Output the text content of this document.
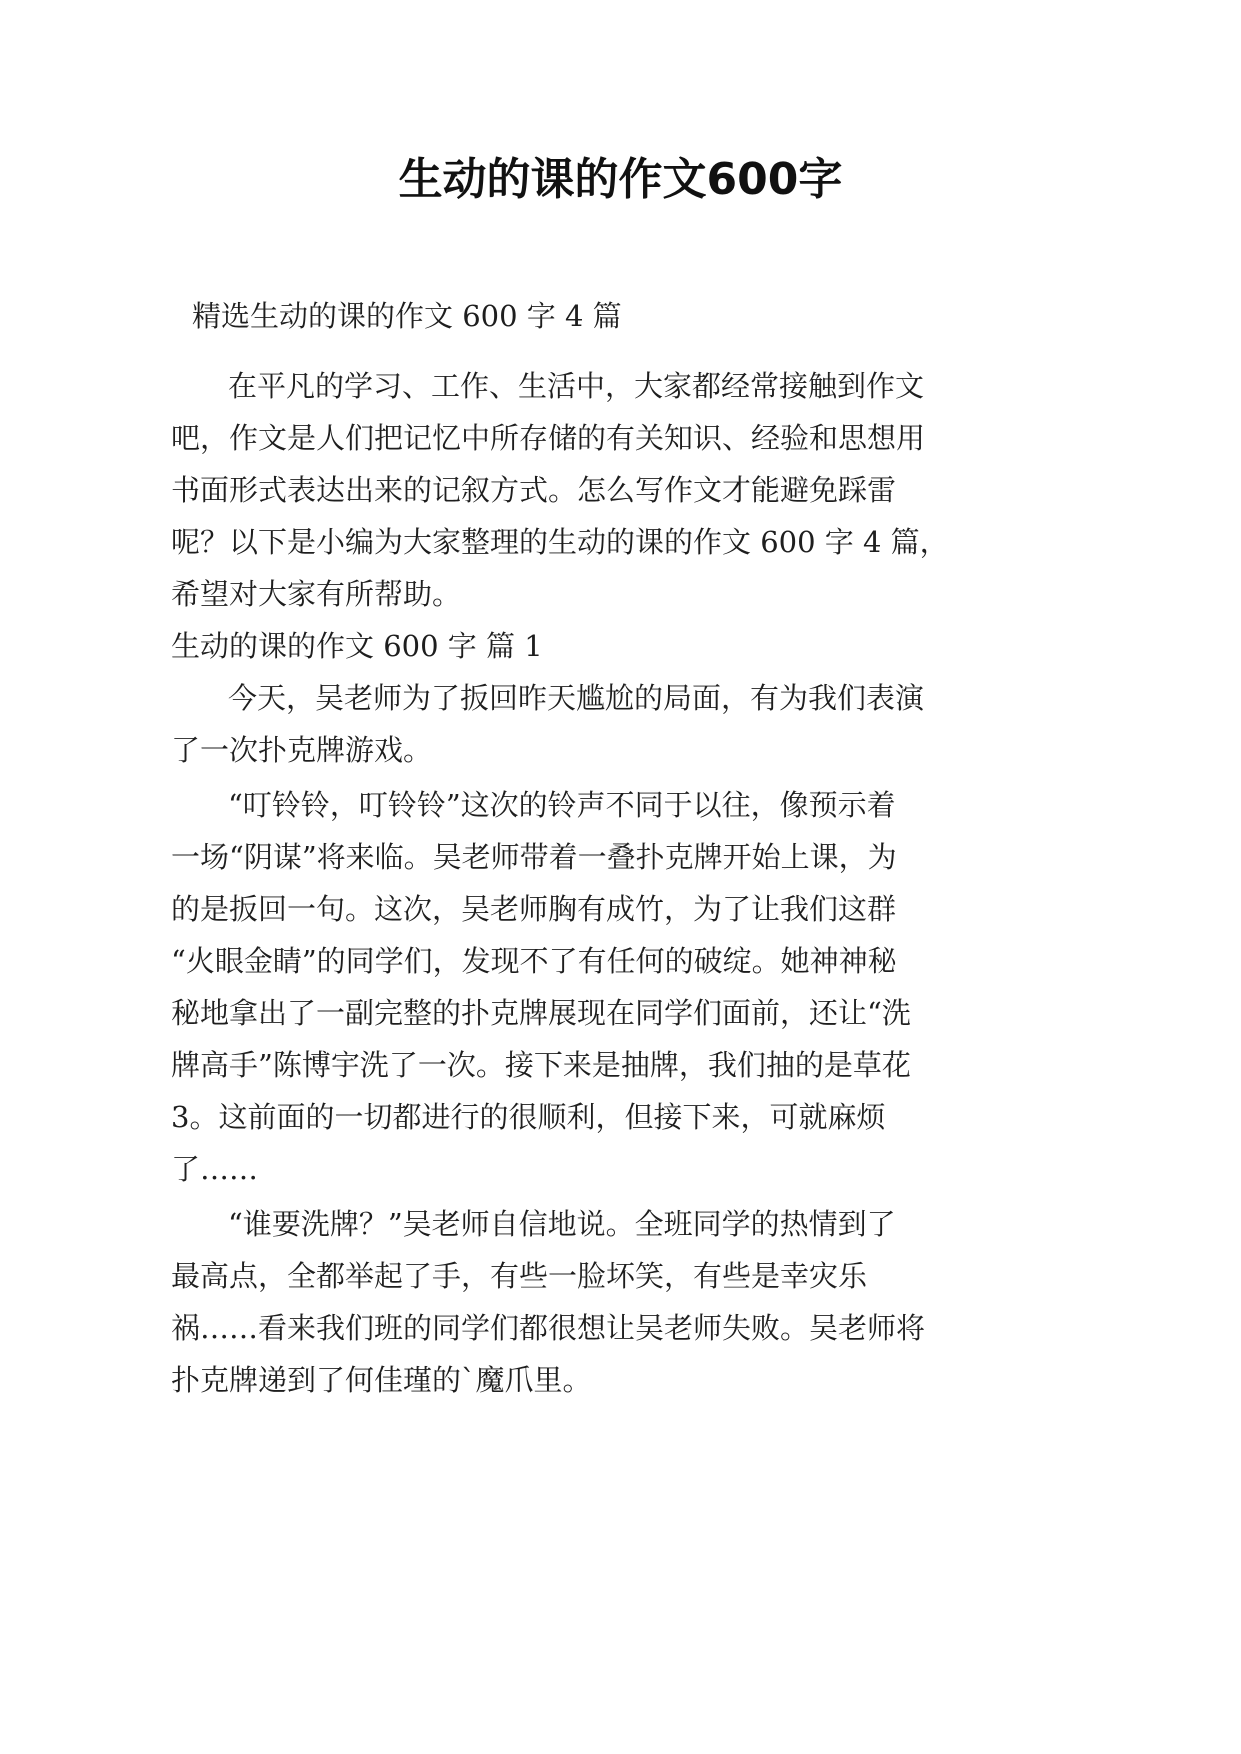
生动的课的作文600字

精选生动的课的作文 600 字 4 篇

在平凡的学习、工作、生活中，大家都经常接触到作文

吧，作文是人们把记忆中所存储的有关知识、经验和思想用

书面形式表达出来的记叙方式。怎么写作文才能避免踩雷

呢？以下是小编为大家整理的生动的课的作文 600 字 4 篇，

希望对大家有所帮助。

生动的课的作文 600 字 篇 1

今天，吴老师为了扳回昨天尴尬的局面，有为我们表演

了一次扑克牌游戏。

“叮铃铃，叮铃铃”这次的铃声不同于以往，像预示着

一场“阴谋”将来临。吴老师带着一叠扑克牌开始上课，为

的是扳回一句。这次，吴老师胸有成竹，为了让我们这群

“火眼金睛”的同学们，发现不了有任何的破绽。她神神秘

秘地拿出了一副完整的扑克牌展现在同学们面前，还让“洗

牌高手”陈博宇洗了一次。接下来是抽牌，我们抽的是草花

3。这前面的一切都进行的很顺利，但接下来，可就麻烦

了……

“谁要洗牌？”吴老师自信地说。全班同学的热情到了

最高点，全都举起了手，有些一脸坏笑，有些是幸灾乐

祸……看来我们班的同学们都很想让吴老师失败。吴老师将

扑克牌递到了何佳瑾的`魔爪里。
